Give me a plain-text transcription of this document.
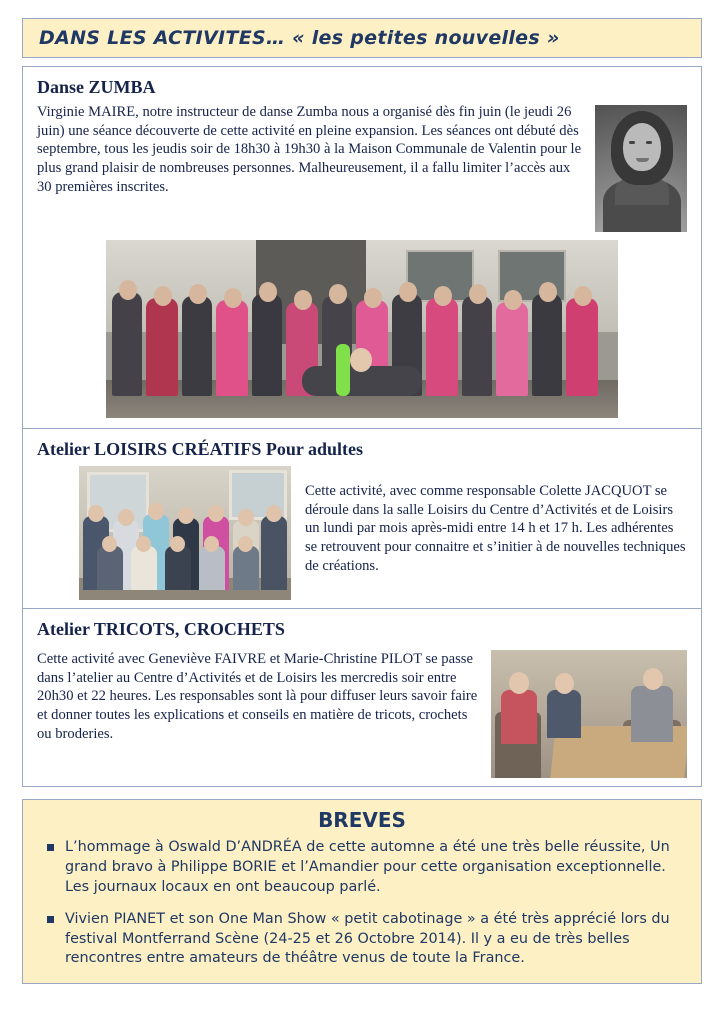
DANS LES ACTIVITES… « les petites nouvelles »
Danse ZUMBA
Virginie MAIRE, notre instructeur de danse Zumba nous a organisé dès fin juin (le jeudi 26 juin) une séance découverte de cette activité en pleine expansion. Les séances ont débuté dès septembre, tous les jeudis soir de 18h30 à 19h30 à la Maison Communale de Valentin pour le plus grand plaisir de nombreuses personnes. Malheureusement, il a fallu limiter l’accès aux 30 premières inscrites.
Atelier LOISIRS CRÉATIFS Pour adultes
Cette activité, avec comme responsable Colette JACQUOT se déroule dans la salle Loisirs du Centre d’Activités et de Loisirs un lundi par mois après-midi entre 14 h et 17 h. Les adhérentes se retrouvent pour connaitre et s’initier à de nouvelles techniques de créations.
Atelier TRICOTS, CROCHETS
Cette activité avec Geneviève FAIVRE et Marie-Christine PILOT se passe dans l’atelier au Centre d’Activités et de Loisirs les mercredis soir entre 20h30 et 22 heures. Les responsables sont là pour diffuser leurs savoir faire et donner toutes les explications et conseils en matière de tricots, crochets ou broderies.
BREVES
L’hommage à Oswald D’ANDRÉA de cette automne a été une très belle réussite, Un grand bravo à Philippe BORIE et l’Amandier pour cette organisation exceptionnelle. Les journaux locaux en ont beaucoup parlé.
Vivien PIANET et son One Man Show « petit cabotinage » a été très apprécié lors du festival Montferrand Scène (24-25 et 26 Octobre 2014). Il y a eu de très belles rencontres entre amateurs de théâtre venus de toute la France.
